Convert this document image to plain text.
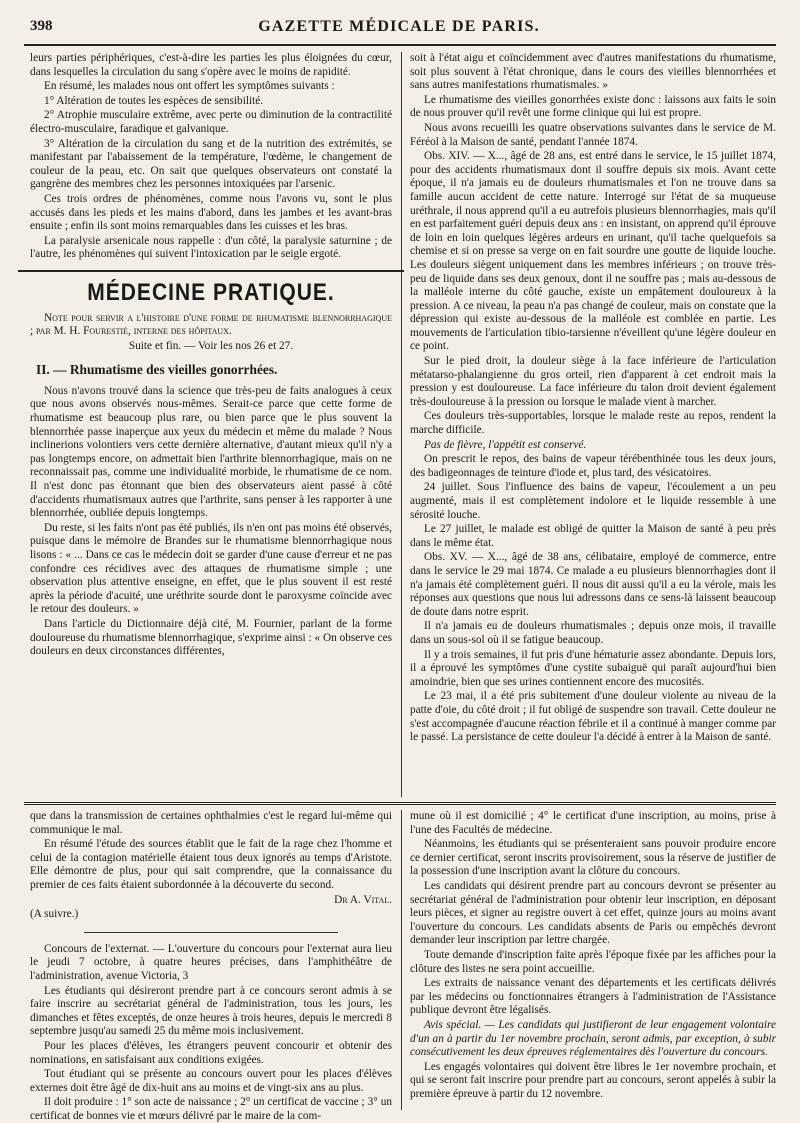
398	GAZETTE MÉDICALE DE PARIS.

leurs parties périphériques, c'est-à-dire les parties les plus éloignées du cœur, dans lesquelles la circulation du sang s'opère avec le moins de rapidité.

En résumé, les malades nous ont offert les symptômes suivants :

1° Altération de toutes les espèces de sensibilité.

2° Atrophie musculaire extrême, avec perte ou diminution de la contractilité électro-musculaire, faradique et galvanique.

3° Altération de la circulation du sang et de la nutrition des extrémités, se manifestant par l'abaissement de la température, l'œdème, le changement de couleur de la peau, etc. On sait que quelques observateurs ont constaté la gangrène des membres chez les personnes intoxiquées par l'arsenic.

Ces trois ordres de phénomènes, comme nous l'avons vu, sont le plus accusés dans les pieds et les mains d'abord, dans les jambes et les avant-bras ensuite ; enfin ils sont moins remarquables dans les cuisses et les bras.

La paralysie arsenicale nous rappelle : d'un côté, la paralysie saturnine ; de l'autre, les phénomènes qui suivent l'intoxication par le seigle ergoté.

MÉDECINE PRATIQUE.

Note pour servir a l'histoire d'une forme de rhumatisme blennorrhagique ; par M. H. Fourestié, interne des hôpitaux.

Suite et fin. — Voir les nos 26 et 27.

II. — Rhumatisme des vieilles gonorrhées.

Nous n'avons trouvé dans la science que très-peu de faits analogues à ceux que nous avons observés nous-mêmes. Serait-ce parce que cette forme de rhumatisme est beaucoup plus rare, ou bien parce que le plus souvent la blennorrhée passe inaperçue aux yeux du médecin et même du malade ? Nous inclinerions volontiers vers cette dernière alternative, d'autant mieux qu'il n'y a pas longtemps encore, on admettait bien l'arthrite blennorrhagique, mais on ne reconnaissait pas, comme une individualité morbide, le rhumatisme de ce nom. Il n'est donc pas étonnant que bien des observateurs aient passé à côté d'accidents rhumatismaux autres que l'arthrite, sans penser à les rapporter à une blennorrhée, oubliée depuis longtemps.

Du reste, si les faits n'ont pas été publiés, ils n'en ont pas moins été observés, puisque dans le mémoire de Brandes sur le rhumatisme blennorrhagique nous lisons : « ... Dans ce cas le médecin doit se garder d'une cause d'erreur et ne pas confondre ces récidives avec des attaques de rhumatisme simple ; une observation plus attentive enseigne, en effet, que le plus souvent il est resté après la période d'acuité, une uréthrite sourde dont le paroxysme coïncide avec le retour des douleurs. »

Dans l'article du Dictionnaire déjà cité, M. Fournier, parlant de la forme douloureuse du rhumatisme blennorrhagique, s'exprime ainsi : « On observe ces douleurs en deux circonstances différentes,

soit à l'état aigu et coïncidemment avec d'autres manifestations du rhumatisme, soit plus souvent à l'état chronique, dans le cours des vieilles blennorrhées et sans autres manifestations rhumatismales. »

Le rhumatisme des vieilles gonorrhées existe donc : laissons aux faits le soin de nous prouver qu'il revêt une forme clinique qui lui est propre.

Nous avons recueilli les quatre observations suivantes dans le service de M. Féréol à la Maison de santé, pendant l'année 1874.

Obs. XIV. — X..., âgé de 28 ans, est entré dans le service, le 15 juillet 1874, pour des accidents rhumatismaux dont il souffre depuis six mois. Avant cette époque, il n'a jamais eu de douleurs rhumatismales et l'on ne trouve dans sa famille aucun accident de cette nature. Interrogé sur l'état de sa muqueuse uréthrale, il nous apprend qu'il a eu autrefois plusieurs blennorrhagies, mais qu'il en est parfaitement guéri depuis deux ans : en insistant, on apprend qu'il éprouve de loin en loin quelques légères ardeurs en urinant, qu'il tache quelquefois sa chemise et si on presse sa verge on en fait sourdre une goutte de liquide louche. Les douleurs siègent uniquement dans les membres inférieurs ; on trouve très-peu de liquide dans ses deux genoux, dont il ne souffre pas ; mais au-dessous de la malléole interne du côté gauche, existe un empâtement douloureux à la pression. A ce niveau, la peau n'a pas changé de couleur, mais on constate que la dépression qui existe au-dessous de la malléole est comblée en partie. Les mouvements de l'articulation tibio-tarsienne n'éveillent qu'une légère douleur en ce point.

Sur le pied droit, la douleur siège à la face inférieure de l'articulation métatarso-phalangienne du gros orteil, rien d'apparent à cet endroit mais la pression y est douloureuse. La face inférieure du talon droit devient également très-douloureuse à la pression ou lorsque le malade vient à marcher.

Ces douleurs très-supportables, lorsque le malade reste au repos, rendent la marche difficile.

Pas de fièvre, l'appétit est conservé.

On prescrit le repos, des bains de vapeur térébenthinée tous les deux jours, des badigeonnages de teinture d'iode et, plus tard, des vésicatoires.

24 juillet. Sous l'influence des bains de vapeur, l'écoulement a un peu augmenté, mais il est complètement indolore et le liquide ressemble à une sérosité louche.

Le 27 juillet, le malade est obligé de quitter la Maison de santé à peu près dans le même état.

Obs. XV. — X..., âgé de 38 ans, célibataire, employé de commerce, entre dans le service le 29 mai 1874. Ce malade a eu plusieurs blennorrhagies dont il n'a jamais été complètement guéri. Il nous dit aussi qu'il a eu la vérole, mais les réponses aux questions que nous lui adressons dans ce sens-là laissent beaucoup de doute dans notre esprit.

Il n'a jamais eu de douleurs rhumatismales ; depuis onze mois, il travaille dans un sous-sol où il se fatigue beaucoup.

Il y a trois semaines, il fut pris d'une hématurie assez abondante. Depuis lors, il a éprouvé les symptômes d'une cystite subaiguë qui paraît aujourd'hui bien amoindrie, bien que ses urines contiennent encore des mucosités.

Le 23 mai, il a été pris subitement d'une douleur violente au niveau de la patte d'oie, du côté droit ; il fut obligé de suspendre son travail. Cette douleur ne s'est accompagnée d'aucune réaction fébrile et il a continué à manger comme par le passé. La persistance de cette douleur l'a décidé à entrer à la Maison de santé.

que dans la transmission de certaines ophthalmies c'est le regard lui-même qui communique le mal.

En résumé l'étude des sources établit que le fait de la rage chez l'homme et celui de la contagion matérielle étaient tous deux ignorés au temps d'Aristote. Elle démontre de plus, pour qui sait comprendre, que la connaissance du premier de ces faits étaient subordonnée à la découverte du second.

Dr A. Vital.

(A suivre.)

Concours de l'externat. — L'ouverture du concours pour l'externat aura lieu le jeudi 7 octobre, à quatre heures précises, dans l'amphithéâtre de l'administration, avenue Victoria, 3

Les étudiants qui désireront prendre part à ce concours seront admis à se faire inscrire au secrétariat général de l'administration, tous les jours, les dimanches et fêtes exceptés, de onze heures à trois heures, depuis le mercredi 8 septembre jusqu'au samedi 25 du même mois inclusivement.

Pour les places d'élèves, les étrangers peuvent concourir et obtenir des nominations, en satisfaisant aux conditions exigées.

Tout étudiant qui se présente au concours ouvert pour les places d'élèves externes doit être âgé de dix-huit ans au moins et de vingt-six ans au plus.

Il doit produire : 1° son acte de naissance ; 2° un certificat de vaccine ; 3° un certificat de bonnes vie et mœurs délivré par le maire de la com-

mune où il est domicilié ; 4° le certificat d'une inscription, au moins, prise à l'une des Facultés de médecine.

Néanmoins, les étudiants qui se présenteraient sans pouvoir produire encore ce dernier certificat, seront inscrits provisoirement, sous la réserve de justifier de la possession d'une inscription avant la clôture du concours.

Les candidats qui désirent prendre part au concours devront se présenter au secrétariat général de l'administration pour obtenir leur inscription, en déposant leurs pièces, et signer au registre ouvert à cet effet, quinze jours au moins avant l'ouverture du concours. Les candidats absents de Paris ou empêchés devront demander leur inscription par lettre chargée.

Toute demande d'inscription faite après l'époque fixée par les affiches pour la clôture des listes ne sera point accueillie.

Les extraits de naissance venant des départements et les certificats délivrés par les médecins ou fonctionnaires étrangers à l'administration de l'Assistance publique devront être légalisés.

Avis spécial. — Les candidats qui justifieront de leur engagement volontaire d'un an à partir du 1er novembre prochain, seront admis, par exception, à subir consécutivement les deux épreuves réglementaires dès l'ouverture du concours.

Les engagés volontaires qui doivent être libres le 1er novembre prochain, et qui se seront fait inscrire pour prendre part au concours, seront appelés à subir la première épreuve à partir du 12 novembre.
